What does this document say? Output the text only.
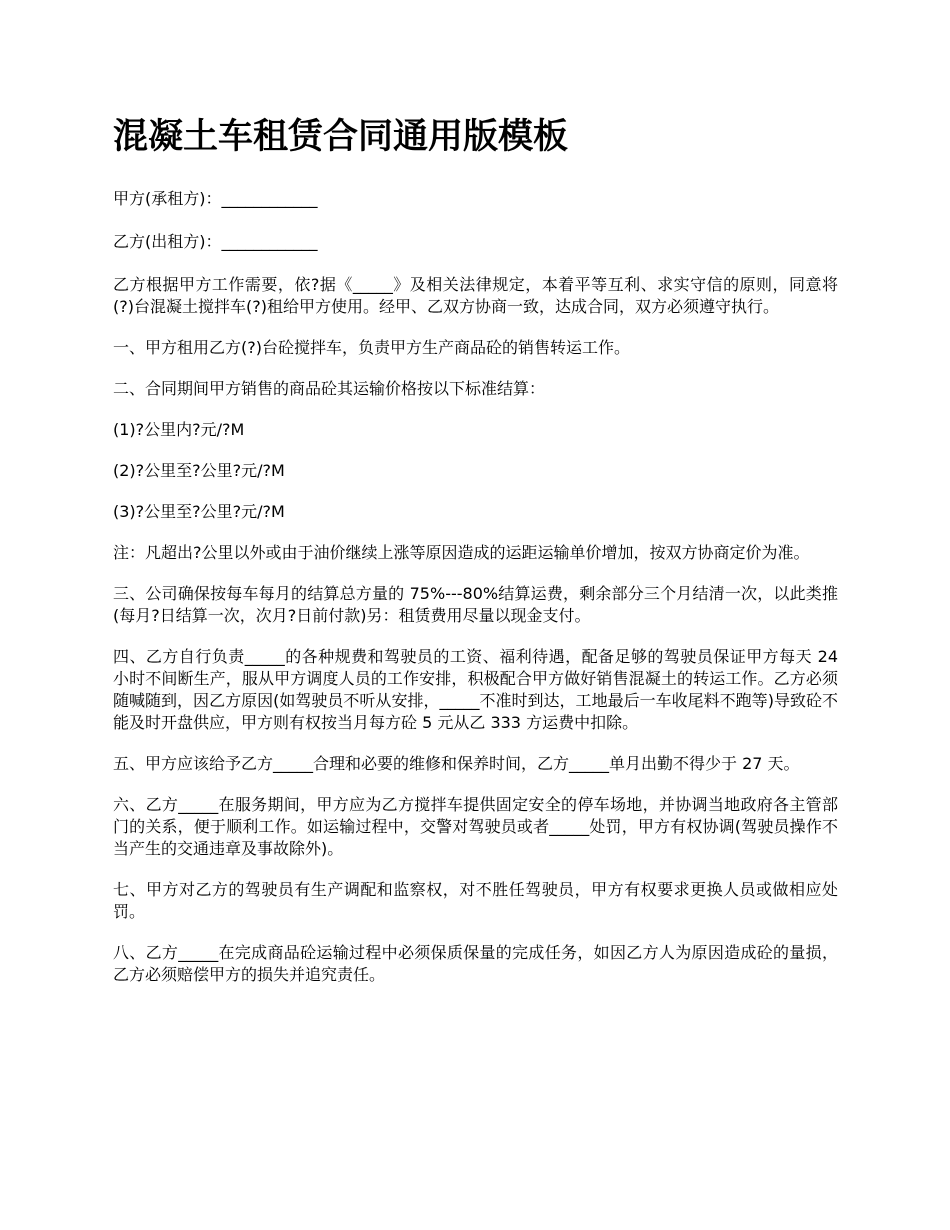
混凝土车租赁合同通用版模板

甲方(承租方)：____________

乙方(出租方)：____________

乙方根据甲方工作需要，依?据《_____》及相关法律规定，本着平等互利、求实守信的原则，同意将(?)台混凝土搅拌车(?)租给甲方使用。经甲、乙双方协商一致，达成合同，双方必须遵守执行。

一、甲方租用乙方(?)台砼搅拌车，负责甲方生产商品砼的销售转运工作。

二、合同期间甲方销售的商品砼其运输价格按以下标准结算：

(1)?公里内?元/?M

(2)?公里至?公里?元/?M

(3)?公里至?公里?元/?M

注：凡超出?公里以外或由于油价继续上涨等原因造成的运距运输单价增加，按双方协商定价为准。

三、公司确保按每车每月的结算总方量的 75%---80%结算运费，剩余部分三个月结清一次，以此类推(每月?日结算一次，次月?日前付款)另：租赁费用尽量以现金支付。

四、乙方自行负责_____的各种规费和驾驶员的工资、福利待遇，配备足够的驾驶员保证甲方每天 24 小时不间断生产，服从甲方调度人员的工作安排，积极配合甲方做好销售混凝土的转运工作。乙方必须随喊随到，因乙方原因(如驾驶员不听从安排，_____不准时到达，工地最后一车收尾料不跑等)导致砼不能及时开盘供应，甲方则有权按当月每方砼 5 元从乙 333 方运费中扣除。

五、甲方应该给予乙方_____合理和必要的维修和保养时间，乙方_____单月出勤不得少于 27 天。

六、乙方_____在服务期间，甲方应为乙方搅拌车提供固定安全的停车场地，并协调当地政府各主管部门的关系，便于顺利工作。如运输过程中，交警对驾驶员或者_____处罚，甲方有权协调(驾驶员操作不当产生的交通违章及事故除外)。

七、甲方对乙方的驾驶员有生产调配和监察权，对不胜任驾驶员，甲方有权要求更换人员或做相应处罚。

八、乙方_____在完成商品砼运输过程中必须保质保量的完成任务，如因乙方人为原因造成砼的量损，乙方必须赔偿甲方的损失并追究责任。
